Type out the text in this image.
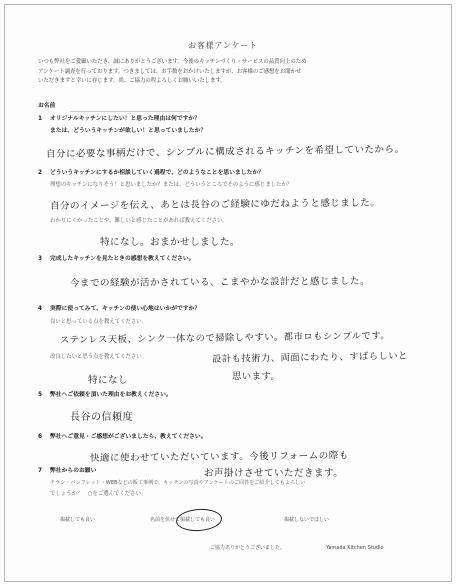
お客様アンケート
いつも弊社をご愛顧いただき、誠にありがとうございます。今後のキッチンづくり・サービスの品質向上のため
アンケート調査を行っております。つきましては、お手数をおかけいたしますが、お客様のご感想をお聞かせ
いただきますと幸いに存じます。尚、ご協力の程よろしくお願いいたします。
お名前
1 オリジナルキッチンにしたい！と思った理由は何ですか？
または、どういうキッチンが欲しい！と思っていましたか？
自分に必要な事柄だけで、シンプルに構成されるキッチンを希望していたから。
2 どういうキッチンにするか相談していく過程で、どのようなことを思いましたか？
理想のキッチンになりそう！と思いましたか？または、どういうところでそのように感じましたか？
自分のイメージを伝え、あとは長谷のご経験にゆだねようと感じました。
わかりにくかったことや、難しいと感じたことがあれば教えてください。
特になし。おまかせしました。
3 完成したキッチンを見たときの感想を教えてください。
今までの経験が活かされている、こまやかな設計だと感じました。
4 実際に使ってみて、キッチンの使い心地はいかがですか？
良いと思っている点を教えてください。
ステンレス天板、シンク一体なので掃除しやすい。都市ロもシンプルです。
改良したいと思う点を教えてください。	設計も技術力、両面にわたり、すばらしいと
思います。
特になし
5 弊社へご依頼を頂いた理由をお教えください。
長谷の信頼度
6 弊社へご意見・ご感想がございましたら、教えてください。
快適に使わせていただいています。今後リフォームの際も
お声掛けさせていただきます。
7 弊社からのお願い
チラシ・パンフレット・WEBなどの販工事例で、キッチンの写真やアンケートのご回答をご紹介してもよろしい
でしょうか？　○をご選んでください。
掲載しても良い	名前を伏せて掲載しても良い	掲載しないでほしい
ご協力ありがとうございました。	Yamada Kitchen Studio
